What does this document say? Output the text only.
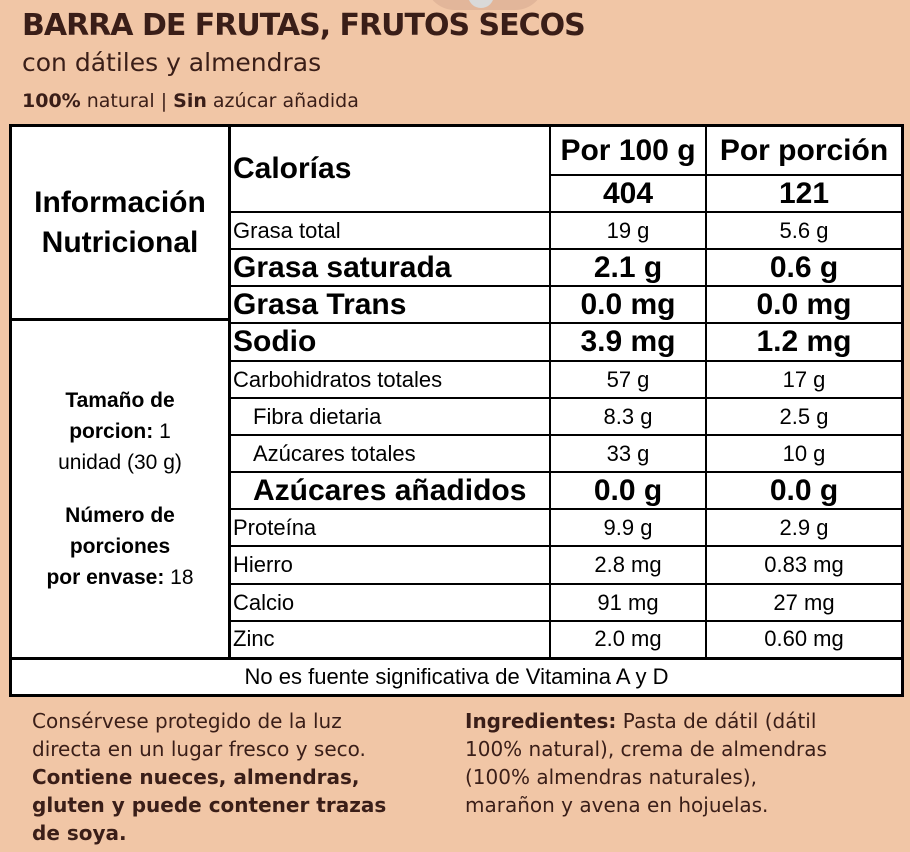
BARRA DE FRUTAS, FRUTOS SECOS
con dátiles y almendras
100% natural | Sin azúcar añadida
Información
Nutricional
Tamaño de
porcion: 1
unidad (30 g)
Número de
porciones
por envase: 18
Calorías
Por 100 g Por porción
404	121
Grasa total	19 g	5.6 g
Grasa saturada	2.1 g	0.6 g
Grasa Trans	0.0 mg	0.0 mg
Sodio	3.9 mg	1.2 mg
Carbohidratos totales	57 g	17 g
Fibra dietaria	8.3 g	2.5 g
Azúcares totales	33 g	10 g
Azúcares añadidos	0.0 g	0.0 g
Proteína	9.9 g	2.9 g
Hierro	2.8 mg	0.83 mg
Calcio	91 mg	27 mg
Zinc	2.0 mg	0.60 mg
No es fuente significativa de Vitamina A y D
Consérvese protegido de la luz
directa en un lugar fresco y seco.
Contiene nueces, almendras,
gluten y puede contener trazas
de soya.
Ingredientes: Pasta de dátil (dátil
100% natural), crema de almendras
(100% almendras naturales),
marañon y avena en hojuelas.
